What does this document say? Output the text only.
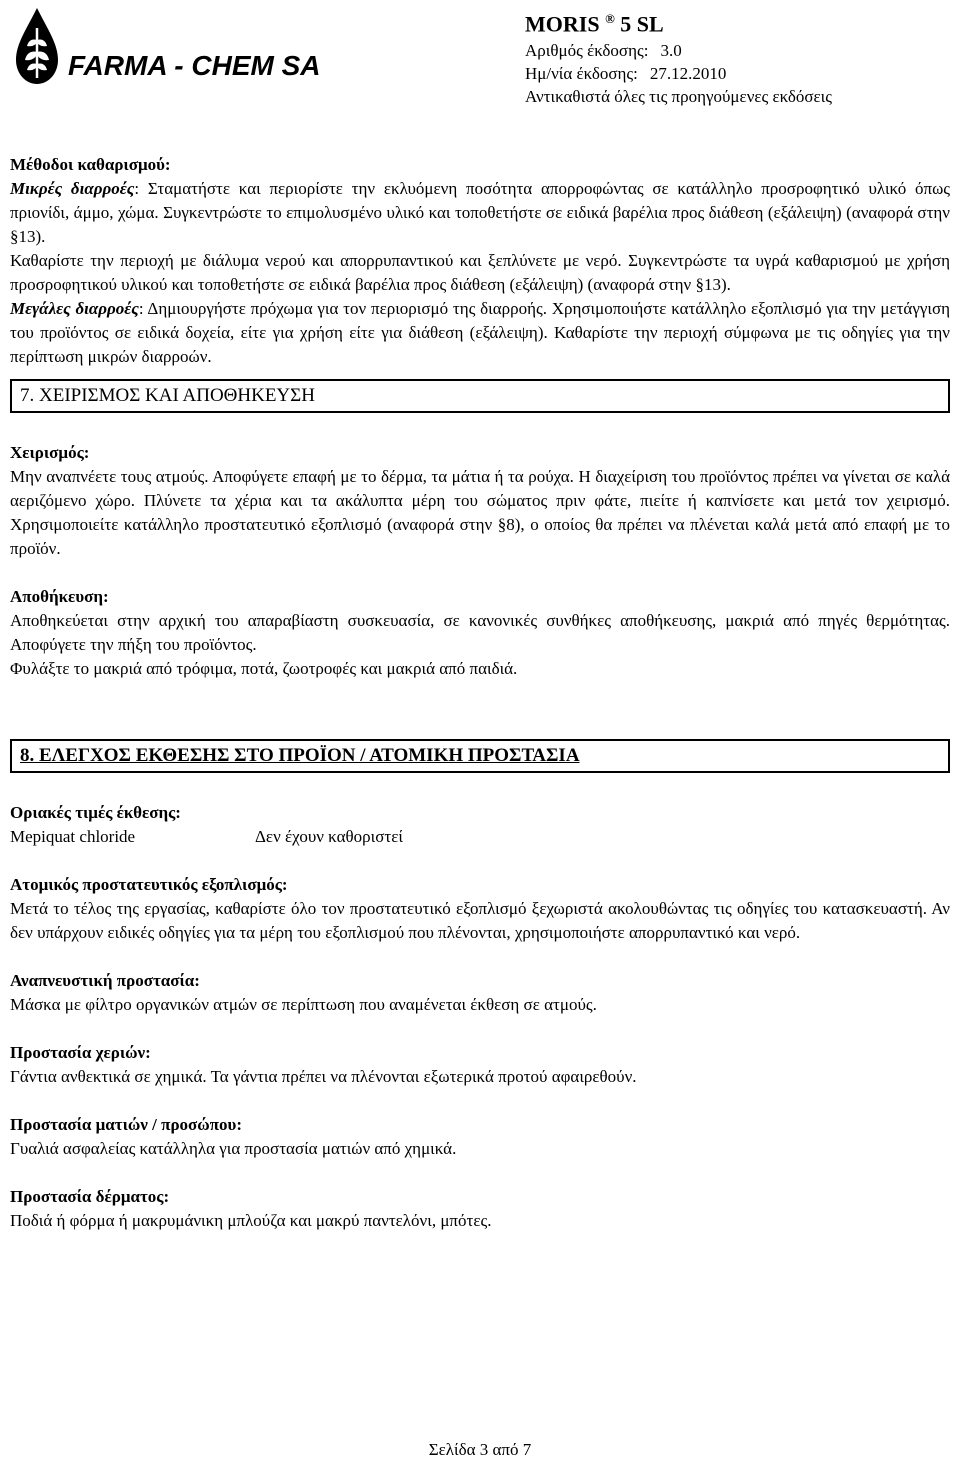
FARMA - CHEM SA
MORIS ® 5 SL
Αριθμός έκδοσης: 3.0
Ημ/νία έκδοσης: 27.12.2010
Αντικαθιστά όλες τις προηγούμενες εκδόσεις

Μέθοδοι καθαρισμού:

Μικρές διαρροές: Σταματήστε και περιορίστε την εκλυόμενη ποσότητα απορροφώντας σε κατάλληλο προσροφητικό υλικό όπως πριονίδι, άμμο, χώμα. Συγκεντρώστε το επιμολυσμένο υλικό και τοποθετήστε σε ειδικά βαρέλια προς διάθεση (εξάλειψη) (αναφορά στην §13).

Καθαρίστε την περιοχή με διάλυμα νερού και απορρυπαντικού και ξεπλύνετε με νερό. Συγκεντρώστε τα υγρά καθαρισμού με χρήση προσροφητικού υλικού και τοποθετήστε σε ειδικά βαρέλια προς διάθεση (εξάλειψη) (αναφορά στην §13).

Μεγάλες διαρροές: Δημιουργήστε πρόχωμα για τον περιορισμό της διαρροής. Χρησιμοποιήστε κατάλληλο εξοπλισμό για την μετάγγιση του προϊόντος σε ειδικά δοχεία, είτε για χρήση είτε για διάθεση (εξάλειψη). Καθαρίστε την περιοχή σύμφωνα με τις οδηγίες για την περίπτωση μικρών διαρροών.

7. ΧΕΙΡΙΣΜΟΣ ΚΑΙ ΑΠΟΘΗΚΕΥΣΗ

Χειρισμός:

Μην αναπνέετε τους ατμούς. Αποφύγετε επαφή με το δέρμα, τα μάτια ή τα ρούχα. Η διαχείριση του προϊόντος πρέπει να γίνεται σε καλά αεριζόμενο χώρο. Πλύνετε τα χέρια και τα ακάλυπτα μέρη του σώματος πριν φάτε, πιείτε ή καπνίσετε και μετά τον χειρισμό. Χρησιμοποιείτε κατάλληλο προστατευτικό εξοπλισμό (αναφορά στην §8), ο οποίος θα πρέπει να πλένεται καλά μετά από επαφή με το προϊόν.

Αποθήκευση:

Αποθηκεύεται στην αρχική του απαραβίαστη συσκευασία, σε κανονικές συνθήκες αποθήκευσης, μακριά από πηγές θερμότητας. Αποφύγετε την πήξη του προϊόντος.

Φυλάξτε το μακριά από τρόφιμα, ποτά, ζωοτροφές και μακριά από παιδιά.

8. ΕΛΕΓΧΟΣ ΕΚΘΕΣΗΣ ΣΤΟ ΠΡΟΪΟΝ / ΑΤΟΜΙΚΗ ΠΡΟΣΤΑΣΙΑ

Οριακές τιμές έκθεσης:

Mepiquat chloride	Δεν έχουν καθοριστεί

Ατομικός προστατευτικός εξοπλισμός:

Μετά το τέλος της εργασίας, καθαρίστε όλο τον προστατευτικό εξοπλισμό ξεχωριστά ακολουθώντας τις οδηγίες του κατασκευαστή. Αν δεν υπάρχουν ειδικές οδηγίες για τα μέρη του εξοπλισμού που πλένονται, χρησιμοποιήστε απορρυπαντικό και νερό.

Αναπνευστική προστασία:

Μάσκα με φίλτρο οργανικών ατμών σε περίπτωση που αναμένεται έκθεση σε ατμούς.

Προστασία χεριών:

Γάντια ανθεκτικά σε χημικά. Τα γάντια πρέπει να πλένονται εξωτερικά προτού αφαιρεθούν.

Προστασία ματιών / προσώπου:

Γυαλιά ασφαλείας κατάλληλα για προστασία ματιών από χημικά.

Προστασία δέρματος:

Ποδιά ή φόρμα ή μακρυμάνικη μπλούζα και μακρύ παντελόνι, μπότες.

Σελίδα 3 από 7
